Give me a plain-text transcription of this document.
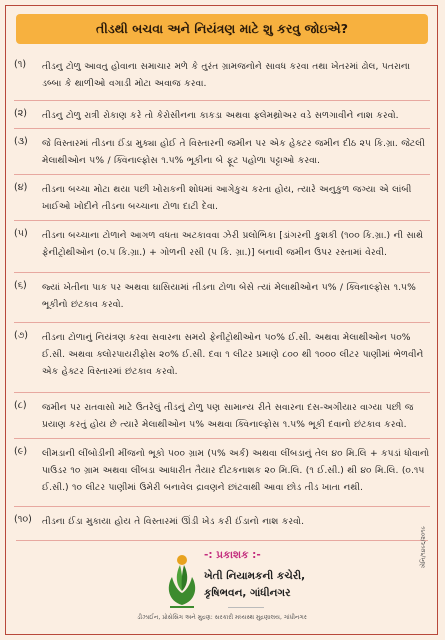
તીડથી બચવા અને નિયંત્રણ માટે શુ કરવુ જોઇએ?
(૧)	તીડનુ ટોળુ આવતુ હોવાના સમાચાર મળે કે તુરંત ગ્રામજનોને સાવધ કરવા તથા ખેતરમાં ઢોલ, પતરાના ડબ્બા કે થાળીઓ વગાડી મોટા અવાજ કરવા.
(૨)	તીડનુ ટોળુ રાત્રી રોકાણ કરે તો કેરોસીનના કાકડા અથવા ફ્લેમથ્રોઅર વડે સળગાવીને નાશ કરવો.
(૩)	જે વિસ્તારમાં તીડના ઈંડા મુક્યા હોઈ તે વિસ્તારની જમીન પર એક હેક્ટર જમીન દીઠ ૨૫ કિ.ગ્રા. જેટલી મેલાથીઓન ૫% / ક્વિનાલ્ફોસ ૧.૫% ભૂકીના બે ફૂટ પહોળા પટ્ટાઓ કરવા.
(૪)	તીડના બચ્ચા મોટા થયા પછી ખોરાકની શોધમાં આગેકુચ કરતા હોય, ત્યારે અનુકુળ જગ્યા એ લાંબી ખાઈઓ ખોદીને તીડના બચ્ચાના ટોળા દાટી દેવા.
(૫)	તીડના બચ્ચાના ટોળાને આગળ વધતા અટકાવવા ઝેરી પ્રલોભિકા [ડાંગરની કુશકી (૧૦૦ કિ.ગ્રા.) ની સાથે ફેનીટ્રોથીઓન (૦.૫ કિ.ગ્રા.) + ગોળની રસી (૫ કિ. ગ્રા.)] બનાવી જમીન ઉપર રસ્તામાં વેરવી.
(૬)	જ્યાં ખેતીના પાક પર અથવા ઘાસિયામાં તીડના ટોળા બેસે ત્યાં મેલાથીઓન ૫% / ક્વિનાલ્ફોસ ૧.૫% ભૂકીનો છંટકાવ કરવો.
(૭)	તીડના ટોળાનું નિયંત્રણ કરવા સવારના સમયે ફેનીટ્રોથીઓન ૫૦% ઈ.સી. અથવા મેલાથીઓન ૫૦% ઈ.સી. અથવા ક્લોરપાયરીફોસ ૨૦% ઈ.સી. દવા ૧ લીટર પ્રમાણે ૮૦૦ થી ૧૦૦૦ લીટર પાણીમાં ભેળવીને એક હેક્ટર વિસ્તારમાં છંટકાવ કરવો.
(૮)	જમીન પર રાતવાસો માટે ઉતરેલું તીડનું ટોળુ પણ સામાન્ય રીતે સવારના દસ-અગીયાર વાગ્યા પછી જ પ્રયાણ કરતું હોય છે ત્યારે મેલાથીઓન ૫% અથવા ક્વિનાલ્ફોસ ૧.૫% ભૂકી દવાનો છંટકાવ કરવો.
(૯)	લીમડાની લીંબોડીની મીંજનો ભૂકો ૫૦૦ ગ્રામ (૫% અર્ક) અથવા લીંબડાનું તેલ ૪૦ મિ.લિ + કપડાં ધોવાનો પાઉડર ૧૦ ગ્રામ અથવા લીંબડા આધારીત તૈયાર દીટકનાશક ૨૦ મિ.લિ. (૧ ઈ.સી.) થી ૪૦ મિ.લિ. (૦.૧૫ ઈ.સી.) ૧૦ લીટર પાણીમાં ઉમેરી બનાવેલ દ્રાવણને છાંટવાથી આવા છોડ તીડ ખાતા નથી.
(૧૦)	તીડના ઈંડા મુકાયા હોય તે વિસ્તારમાં ઊંડી ખેડ કરી ઈંડાનો નાશ કરવો.
-: પ્રકાશક :-
ખેતી નિયામકની કચેરી,
કૃષિભવન, ગાંધીનગર
ડીઝાઈન, પ્રોસેસિંગ અને મુદ્રણ: સરકારી મધ્યસ્થ મુદ્રણાલય, ગાંધીનગર
ખેનિ/૧૪૯૬/૨૦૧૯
